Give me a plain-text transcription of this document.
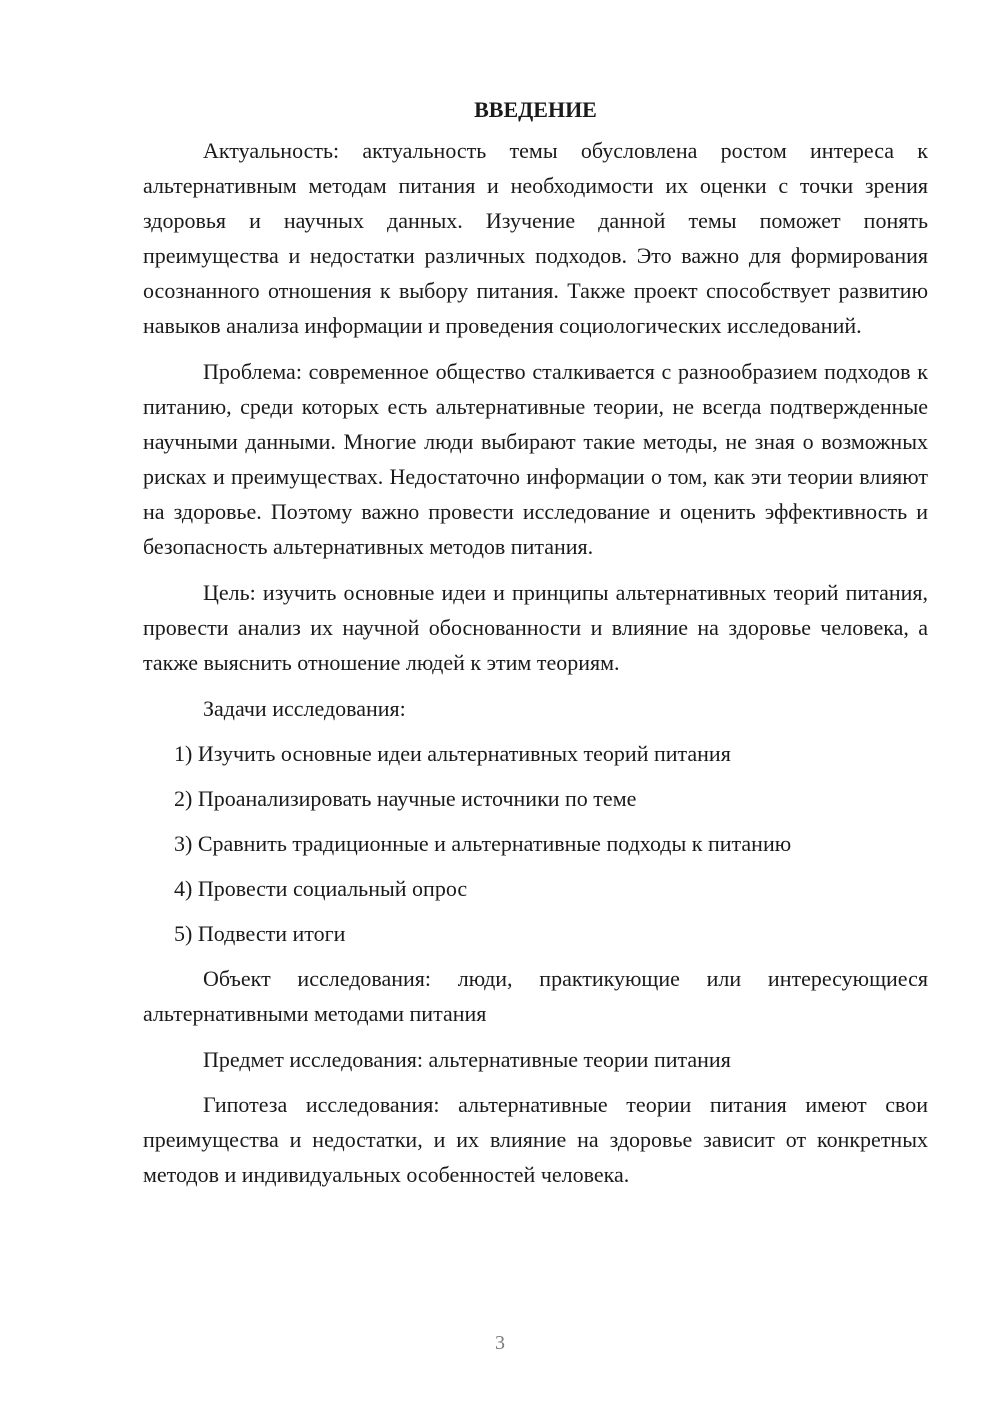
ВВЕДЕНИЕ
Актуальность: актуальность темы обусловлена ростом интереса к альтернативным методам питания и необходимости их оценки с точки зрения здоровья и научных данных. Изучение данной темы поможет понять преимущества и недостатки различных подходов. Это важно для формирования осознанного отношения к выбору питания. Также проект способствует развитию навыков анализа информации и проведения социологических исследований.
Проблема: современное общество сталкивается с разнообразием подходов к питанию, среди которых есть альтернативные теории, не всегда подтвержденные научными данными. Многие люди выбирают такие методы, не зная о возможных рисках и преимуществах. Недостаточно информации о том, как эти теории влияют на здоровье. Поэтому важно провести исследование и оценить эффективность и безопасность альтернативных методов питания.
Цель: изучить основные идеи и принципы альтернативных теорий питания, провести анализ их научной обоснованности и влияние на здоровье человека, а также выяснить отношение людей к этим теориям.
Задачи исследования:
1) Изучить основные идеи альтернативных теорий питания
2) Проанализировать научные источники по теме
3) Сравнить традиционные и альтернативные подходы к питанию
4) Провести социальный опрос
5) Подвести итоги
Объект исследования: люди, практикующие или интересующиеся альтернативными методами питания
Предмет исследования: альтернативные теории питания
Гипотеза исследования: альтернативные теории питания имеют свои преимущества и недостатки, и их влияние на здоровье зависит от конкретных методов и индивидуальных особенностей человека.
3
